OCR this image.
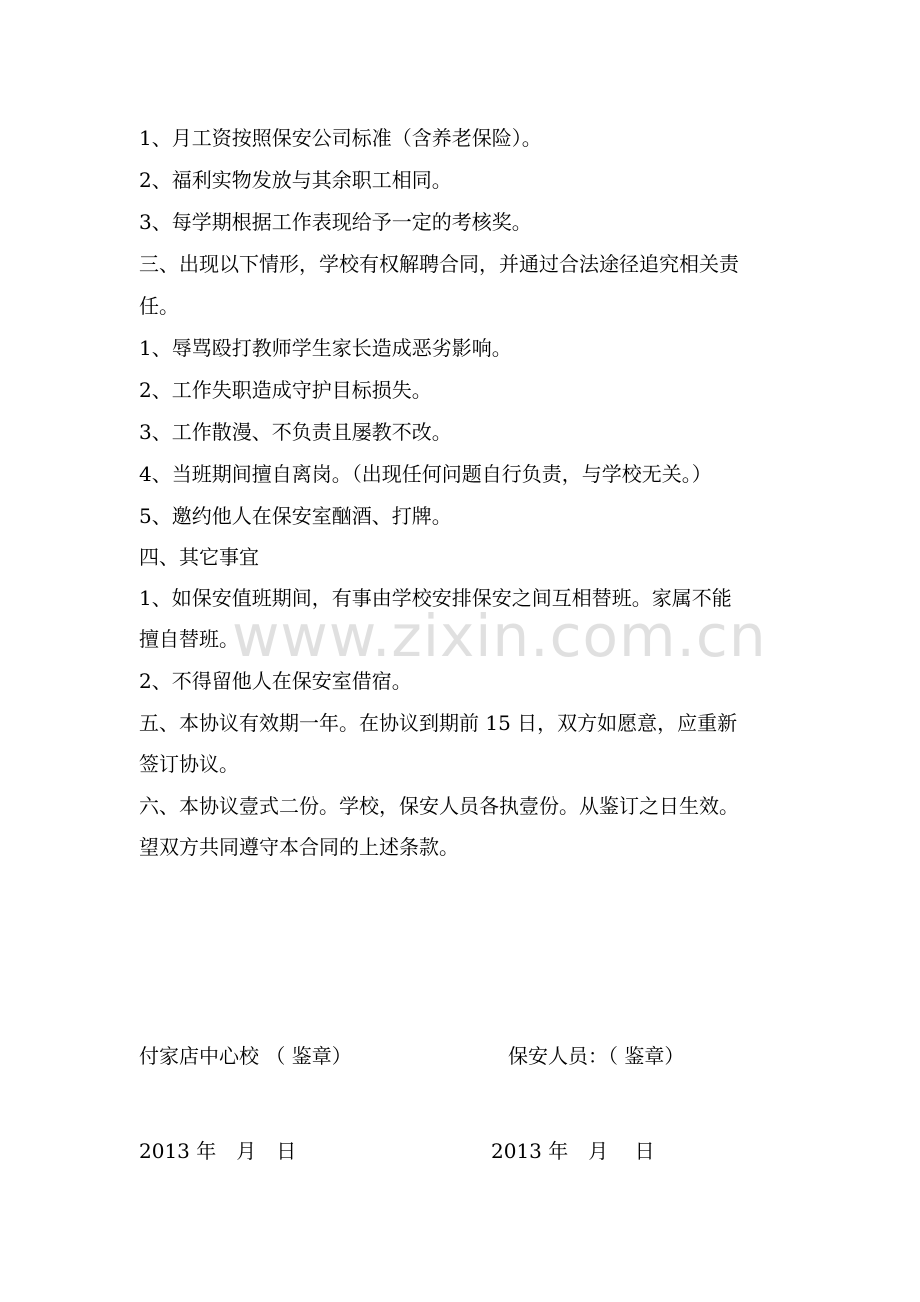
1、月工资按照保安公司标准（含养老保险）。
2、福利实物发放与其余职工相同。
3、每学期根据工作表现给予一定的考核奖。
三、出现以下情形，学校有权解聘合同，并通过合法途径追究相关责
任。
1、辱骂殴打教师学生家长造成恶劣影响。
2、工作失职造成守护目标损失。
3、工作散漫、不负责且屡教不改。
4、当班期间擅自离岗。（出现任何问题自行负责，与学校无关。）
5、邀约他人在保安室酗酒、打牌。
四、其它事宜
1、如保安值班期间，有事由学校安排保安之间互相替班。家属不能
擅自替班。
2、不得留他人在保安室借宿。
五、本协议有效期一年。在协议到期前 15 日，双方如愿意，应重新
签订协议。
六、本协议壹式二份。学校，保安人员各执壹份。从鉴订之日生效。
望双方共同遵守本合同的上述条款。
www.zixin.com.cn
付家店中心校 （ 鉴章）	保安人员：（ 鉴章）
2013 年　月　日	2013 年　月　 日
